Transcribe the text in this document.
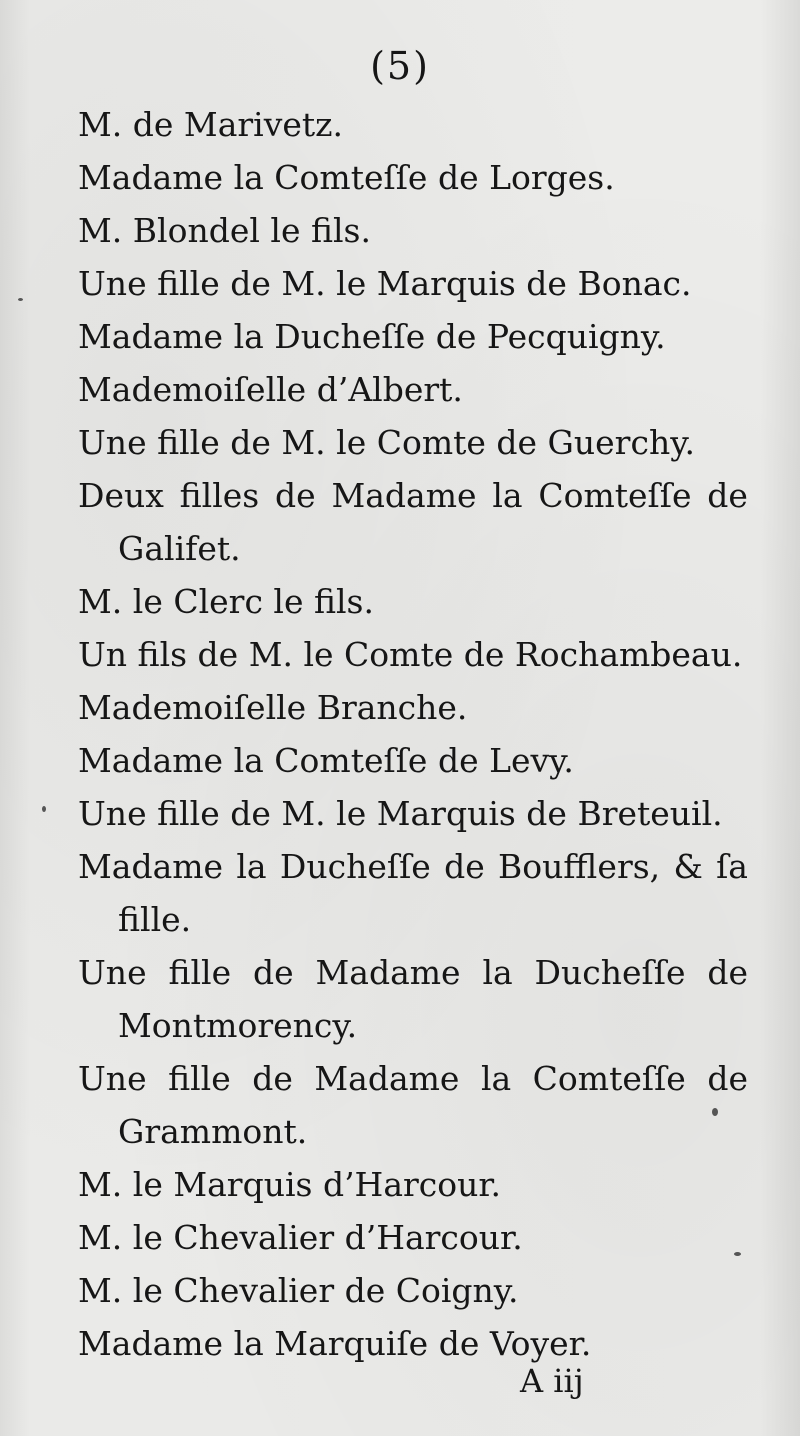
(5)
M. de Marivetz.
Madame la Comteſſe de Lorges.
M. Blondel le fils.
Une fille de M. le Marquis de Bonac.
Madame la Ducheſſe de Pecquigny.
Mademoiſelle d’Albert.
Une fille de M. le Comte de Guerchy.
Deux filles de Madame la Comteſſe de
Galifet.
M. le Clerc le fils.
Un fils de M. le Comte de Rochambeau.
Mademoiſelle Branche.
Madame la Comteſſe de Levy.
Une fille de M. le Marquis de Breteuil.
Madame la Ducheſſe de Boufflers, & ſa
fille.
Une fille de Madame la Ducheſſe de
Montmorency.
Une fille de Madame la Comteſſe de
Grammont.
M. le Marquis d’Harcour.
M. le Chevalier d’Harcour.
M. le Chevalier de Coigny.
Madame la Marquiſe de Voyer.
A iij
